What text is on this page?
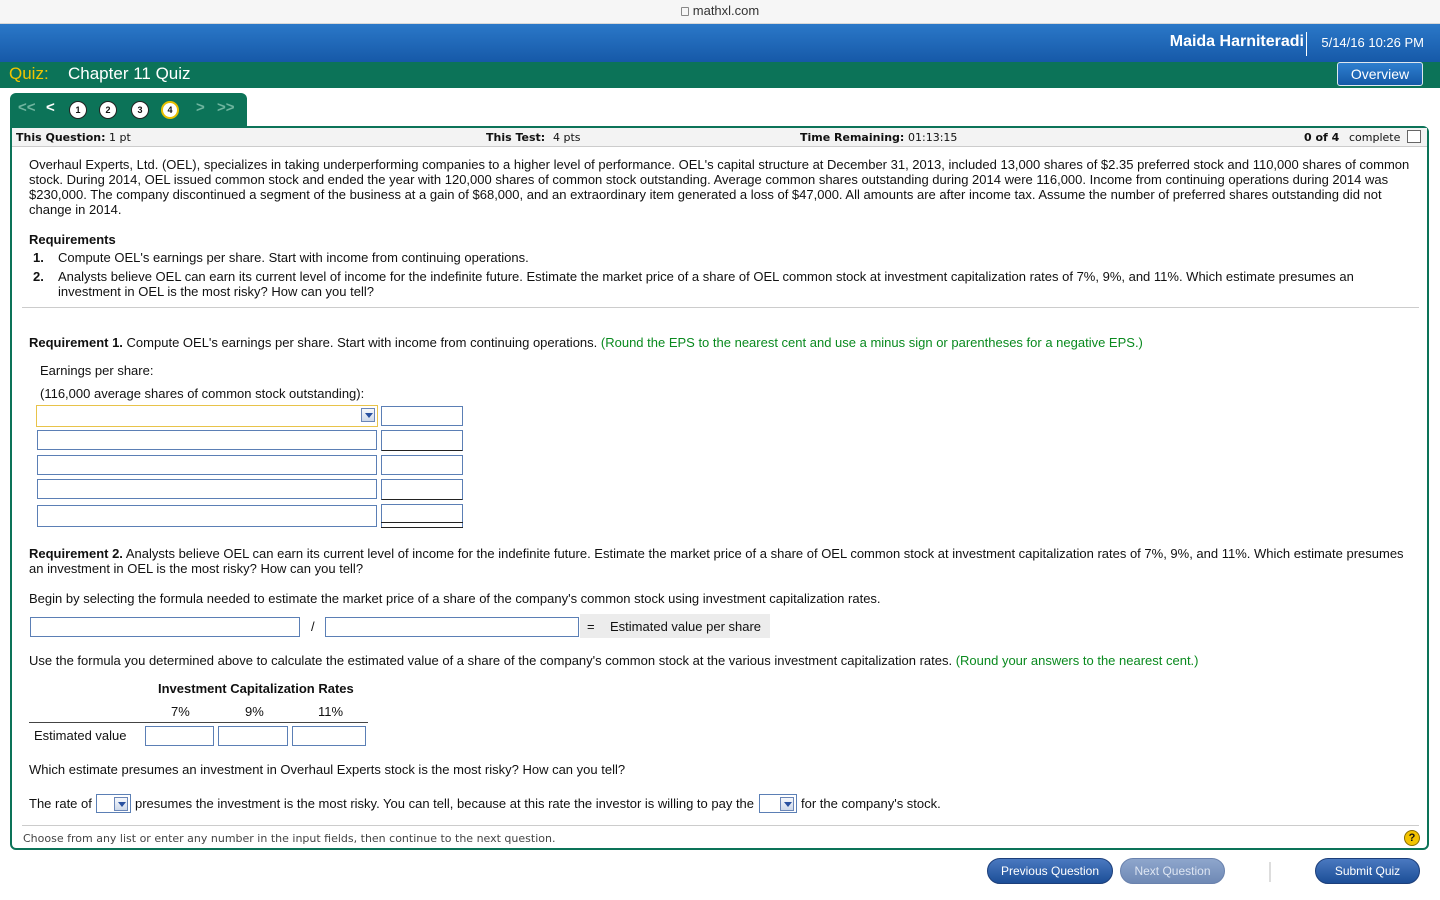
mathxl.com
Maida Harniteradi 5/14/16 10:26 PM
Quiz: Chapter 11 Quiz	Overview
<< <	1	2	3	4	> >>
This Question: 1 pt	This Test: 4 pts	Time Remaining: 01:13:15	0 of 4 complete
Overhaul Experts, Ltd. (OEL), specializes in taking underperforming companies to a higher level of performance. OEL's capital structure at December 31, 2013, included 13,000 shares of $2.35 preferred stock and 110,000 shares of common
stock. During 2014, OEL issued common stock and ended the year with 120,000 shares of common stock outstanding. Average common shares outstanding during 2014 were 116,000. Income from continuing operations during 2014 was
$230,000. The company discontinued a segment of the business at a gain of $68,000, and an extraordinary item generated a loss of $47,000. All amounts are after income tax. Assume the number of preferred shares outstanding did not
change in 2014.
Requirements
1. Compute OEL's earnings per share. Start with income from continuing operations.
2. Analysts believe OEL can earn its current level of income for the indefinite future. Estimate the market price of a share of OEL common stock at investment capitalization rates of 7%, 9%, and 11%. Which estimate presumes an
investment in OEL is the most risky? How can you tell?
Requirement 1. Compute OEL's earnings per share. Start with income from continuing operations. (Round the EPS to the nearest cent and use a minus sign or parentheses for a negative EPS.)
Earnings per share:
(116,000 average shares of common stock outstanding):
Requirement 2. Analysts believe OEL can earn its current level of income for the indefinite future. Estimate the market price of a share of OEL common stock at investment capitalization rates of 7%, 9%, and 11%. Which estimate presumes
an investment in OEL is the most risky? How can you tell?
Begin by selecting the formula needed to estimate the market price of a share of the company's common stock using investment capitalization rates.
/	= Estimated value per share
Use the formula you determined above to calculate the estimated value of a share of the company's common stock at the various investment capitalization rates. (Round your answers to the nearest cent.)
Investment Capitalization Rates
7%	9%	11%
Estimated value
Which estimate presumes an investment in Overhaul Experts stock is the most risky? How can you tell?
The rate of	presumes the investment is the most risky. You can tell, because at this rate the investor is willing to pay the	for the company's stock.
Choose from any list or enter any number in the input fields, then continue to the next question.	?
Previous Question	Next Question	Submit Quiz
